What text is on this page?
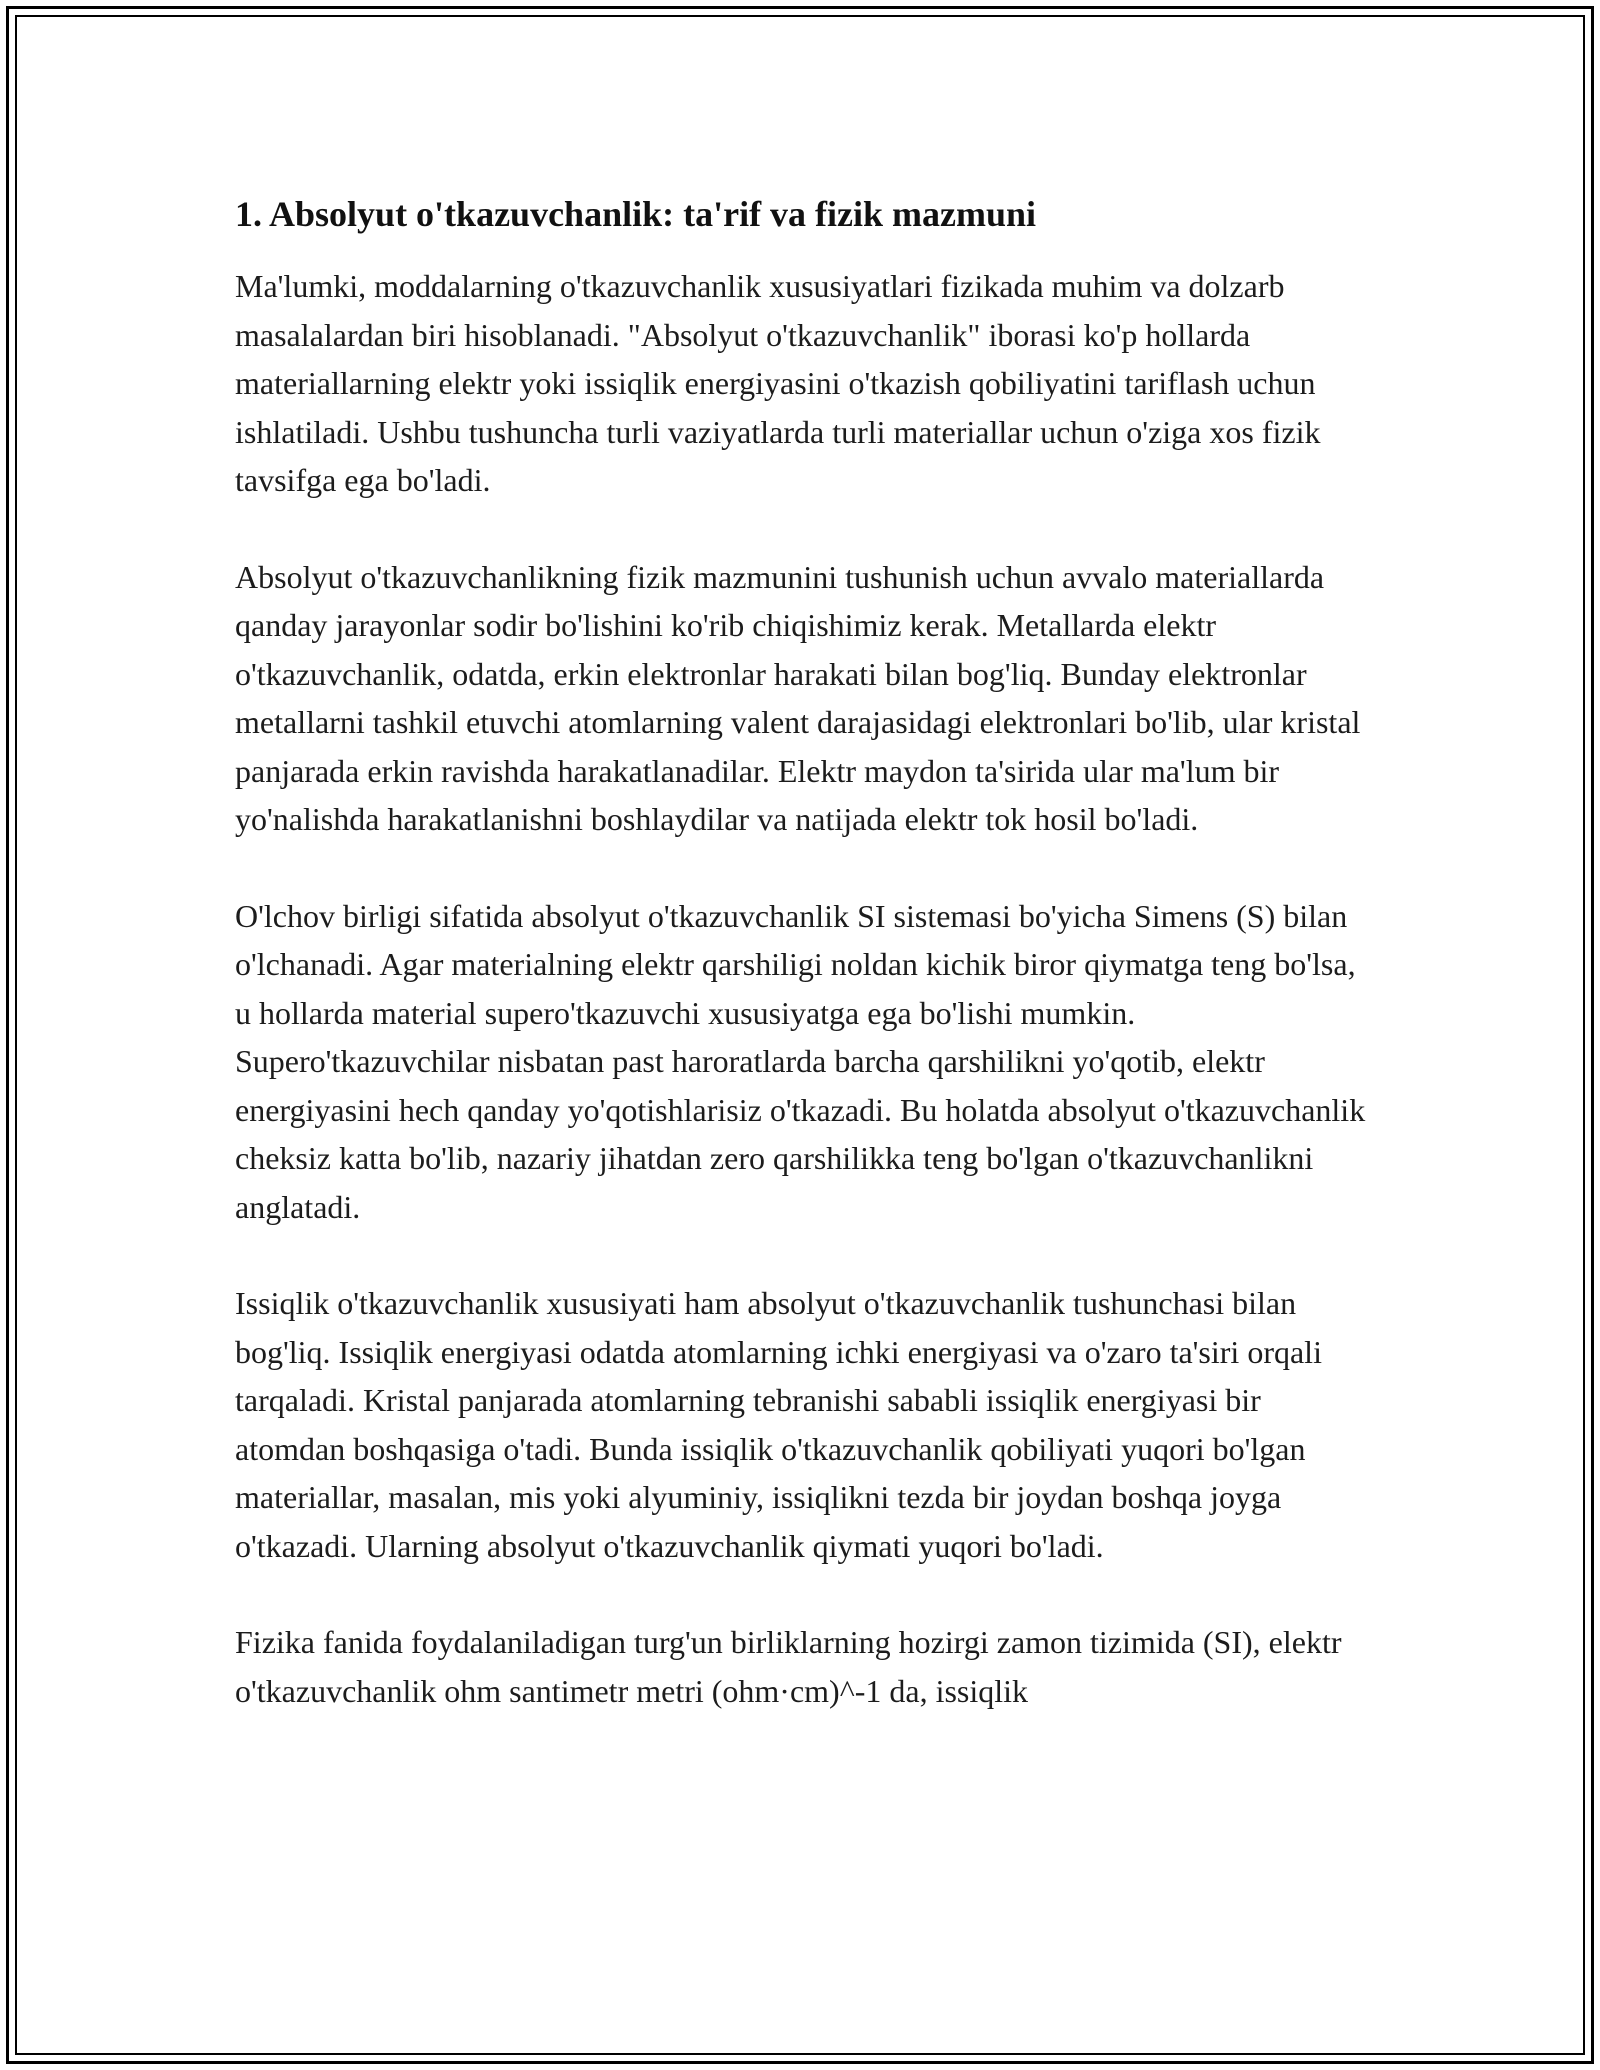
1. Absolyut o'tkazuvchanlik: ta'rif va fizik mazmuni

Ma'lumki, moddalarning o'tkazuvchanlik xususiyatlari fizikada muhim va dolzarb masalalardan biri hisoblanadi. "Absolyut o'tkazuvchanlik" iborasi ko'p hollarda materiallarning elektr yoki issiqlik energiyasini o'tkazish qobiliyatini tariflash uchun ishlatiladi. Ushbu tushuncha turli vaziyatlarda turli materiallar uchun o'ziga xos fizik tavsifga ega bo'ladi.

Absolyut o'tkazuvchanlikning fizik mazmunini tushunish uchun avvalo materiallarda qanday jarayonlar sodir bo'lishini ko'rib chiqishimiz kerak. Metallarda elektr o'tkazuvchanlik, odatda, erkin elektronlar harakati bilan bog'liq. Bunday elektronlar metallarni tashkil etuvchi atomlarning valent darajasidagi elektronlari bo'lib, ular kristal panjarada erkin ravishda harakatlanadilar. Elektr maydon ta'sirida ular ma'lum bir yo'nalishda harakatlanishni boshlaydilar va natijada elektr tok hosil bo'ladi.

O'lchov birligi sifatida absolyut o'tkazuvchanlik SI sistemasi bo'yicha Simens (S) bilan o'lchanadi. Agar materialning elektr qarshiligi noldan kichik biror qiymatga teng bo'lsa, u hollarda material supero'tkazuvchi xususiyatga ega bo'lishi mumkin. Supero'tkazuvchilar nisbatan past haroratlarda barcha qarshilikni yo'qotib, elektr energiyasini hech qanday yo'qotishlarisiz o'tkazadi. Bu holatda absolyut o'tkazuvchanlik cheksiz katta bo'lib, nazariy jihatdan zero qarshilikka teng bo'lgan o'tkazuvchanlikni anglatadi.

Issiqlik o'tkazuvchanlik xususiyati ham absolyut o'tkazuvchanlik tushunchasi bilan bog'liq. Issiqlik energiyasi odatda atomlarning ichki energiyasi va o'zaro ta'siri orqali tarqaladi. Kristal panjarada atomlarning tebranishi sababli issiqlik energiyasi bir atomdan boshqasiga o'tadi. Bunda issiqlik o'tkazuvchanlik qobiliyati yuqori bo'lgan materiallar, masalan, mis yoki alyuminiy, issiqlikni tezda bir joydan boshqa joyga o'tkazadi. Ularning absolyut o'tkazuvchanlik qiymati yuqori bo'ladi.

Fizika fanida foydalaniladigan turg'un birliklarning hozirgi zamon tizimida (SI), elektr o'tkazuvchanlik ohm santimetr metri (ohm·cm)^-1 da, issiqlik
